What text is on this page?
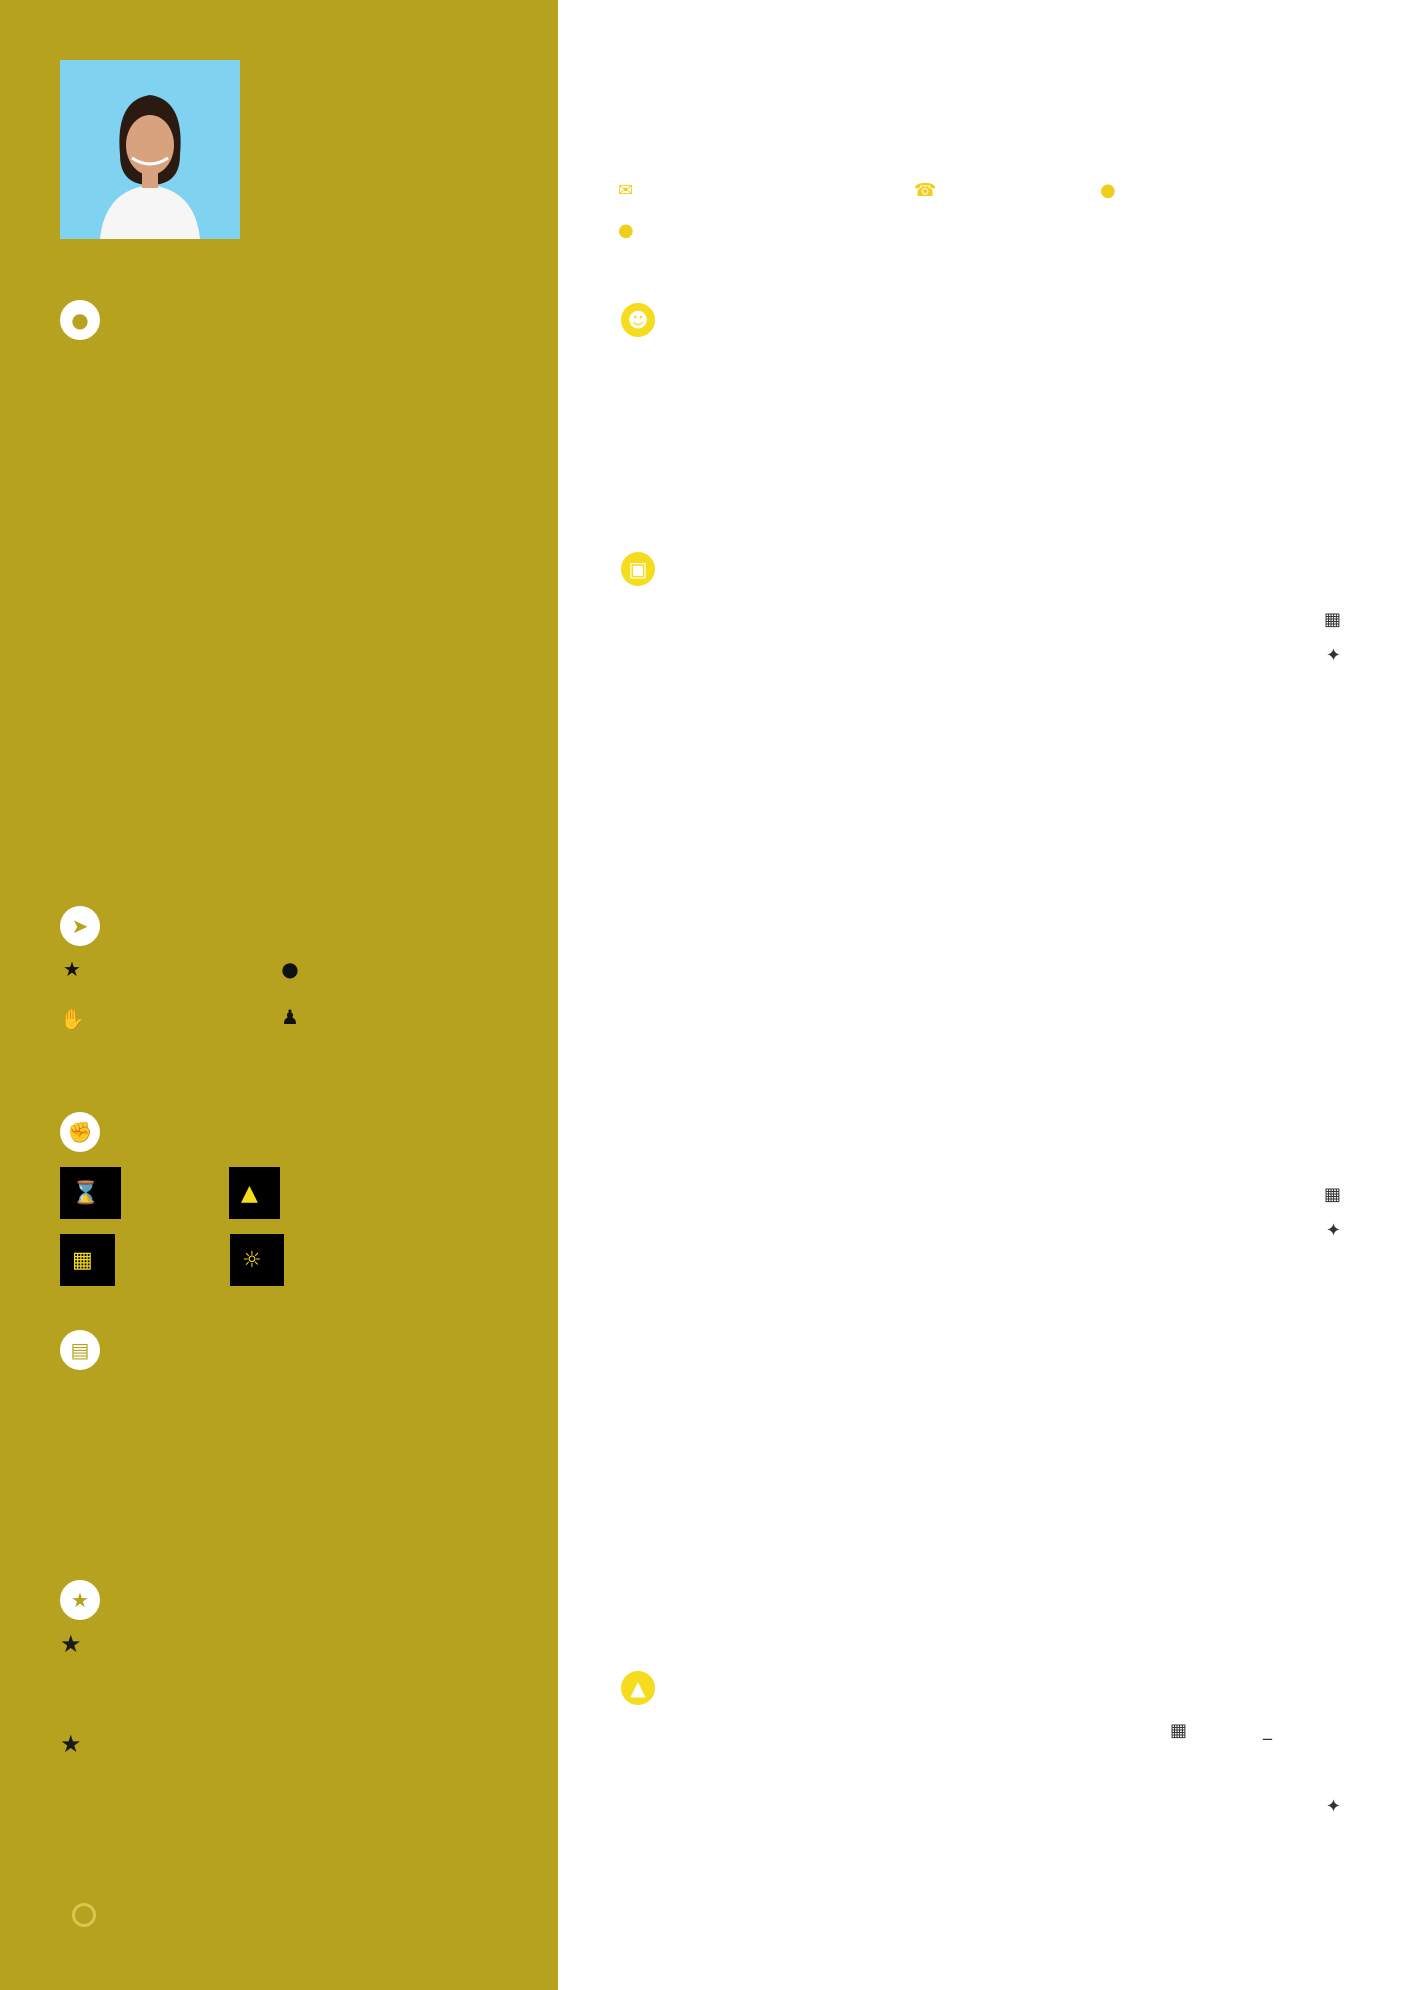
●
➤
★	●
✋	♟
✊
⌛	▲
▦	☼
▤
★
★
★
✉	☎	●
●
☻
▣
▦
✦
▦
✦
▲
▦	_
✦
